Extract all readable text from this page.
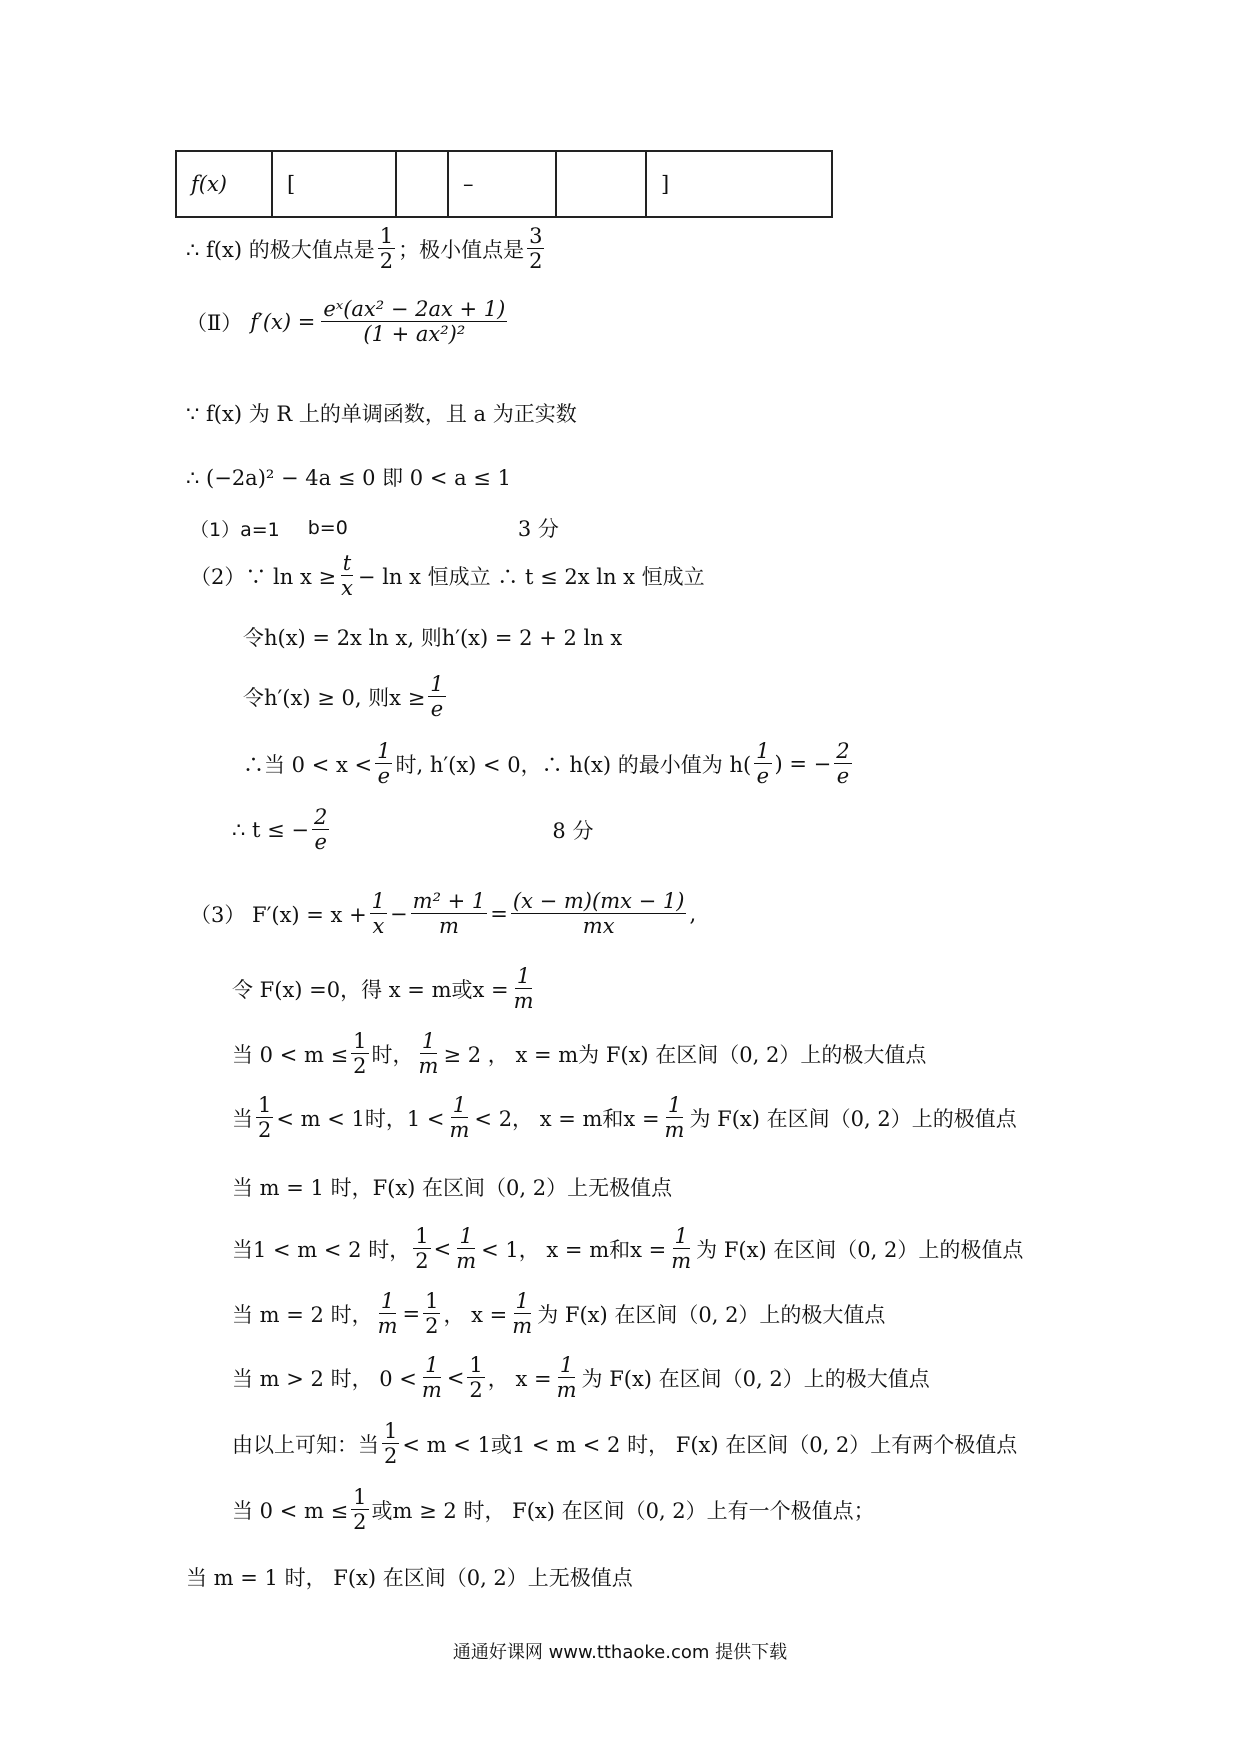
f(x)	[		–		]
∴ f(x) 的极大值点是 $\frac{1}{2}$ ；极小值点是 $\frac{3}{2}$
（Ⅱ） $f'(x) = \frac{\text{eˣ(ax² − 2ax + 1)}}{\text{(1 + ax²)²}}$
∵ f(x) 为 R 上的单调函数，且 a 为正实数
∴ (−2a)² − 4a ≤ 0 即 0 < a ≤ 1
（1）a=1 b=0	3 分
（2）∵ $\ln x \ge \frac{t}{x} - \ln x$ 恒成立 ∴ t ≤ 2x ln x 恒成立
令h(x) = 2x ln x, 则h′(x) = 2 + 2 ln x
令h′(x) ≥ 0, 则$x \ge \frac{1}{e}$
∴当 $0 < x < \frac{1}{e}$ 时, h′(x) < 0，∴ h(x) 的最小值为 $h( \frac{1}{e}$ ) = − $\frac{2}{e}$
∴ t ≤ − $\frac{2}{e}$	8 分
（3） $F'(x) = x + \frac{1}{x} - \frac{\text{m² + 1}}{m} = \frac{(x - m)(mx - 1)}{mx}$ ,
令 F(x) =0，得 x = m或$x = \frac{1}{m}$
当 $0 < m \le \frac{1}{2}$ 时， $\frac{1}{m} \ge 2$ ， x = m为 F(x) 在区间（0, 2）上的极大值点
当 $\frac{1}{2} < m < 1$时，$1 < \frac{1}{m} < 2$， x = m和$x = \frac{1}{m}$ 为 F(x) 在区间（0, 2）上的极值点
当 m = 1 时，F(x) 在区间（0, 2）上无极值点
当1 < m < 2 时， $\frac{1}{2} < \frac{1}{m} < 1$， x = m和$x = \frac{1}{m}$ 为 F(x) 在区间（0, 2）上的极值点
当 m = 2 时， $\frac{1}{m} = \frac{1}{2}$ ， $x = \frac{1}{m}$ 为 F(x) 在区间（0, 2）上的极大值点
当 m > 2 时， $0 < \frac{1}{m} < \frac{1}{2}$ ， $x = \frac{1}{m}$ 为 F(x) 在区间（0, 2）上的极大值点
由以上可知：当 $\frac{1}{2} < m < 1$或1 < m < 2 时， F(x) 在区间（0, 2）上有两个极值点
当 $0 < m \le \frac{1}{2}$ 或m ≥ 2 时， F(x) 在区间（0, 2）上有一个极值点；
当 m = 1 时， F(x) 在区间（0, 2）上无极值点
通通好课网 www.tthaoke.com 提供下载
